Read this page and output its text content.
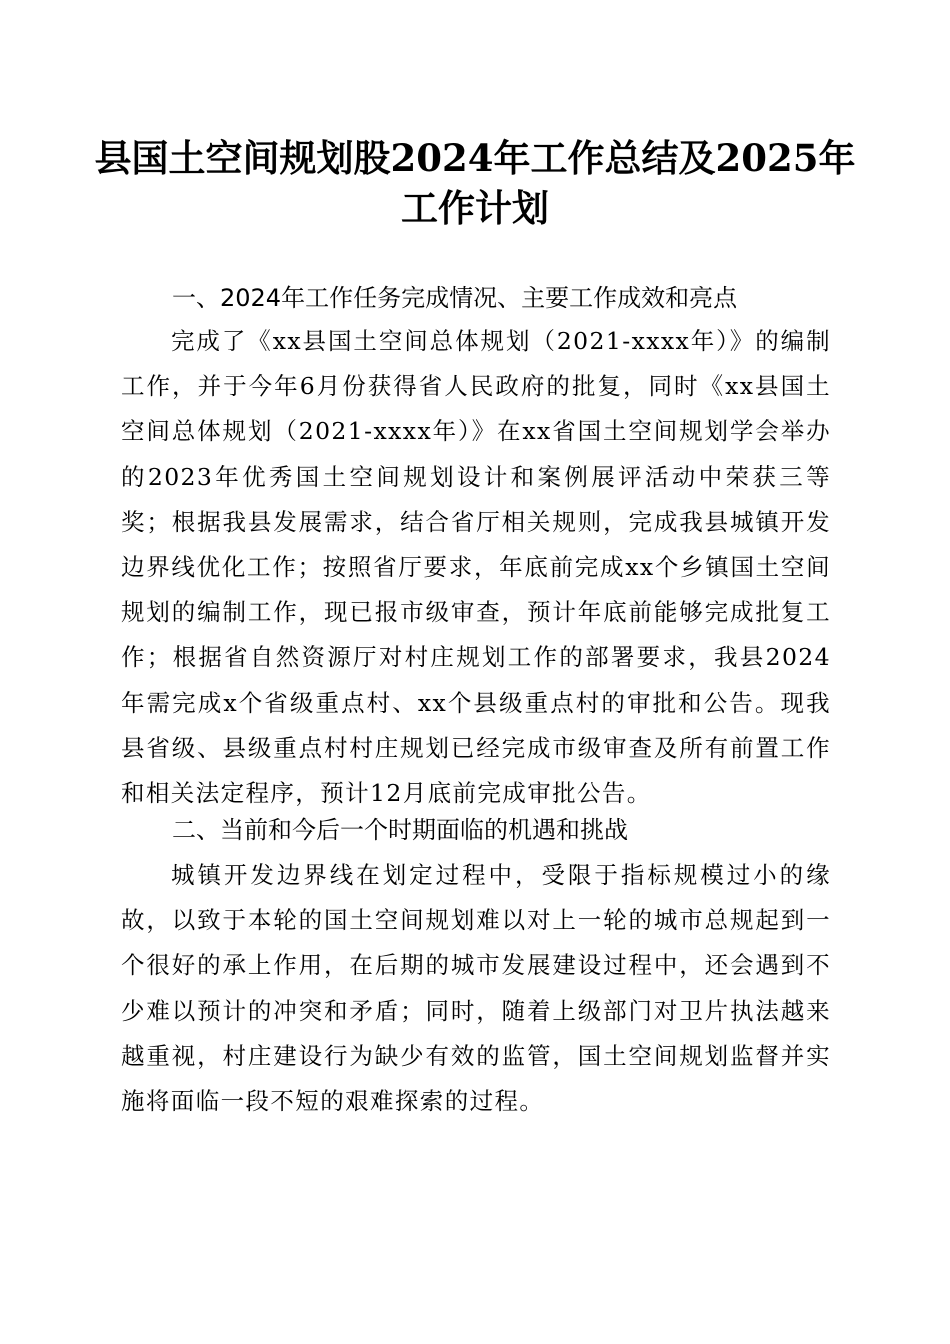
县国土空间规划股2024年工作总结及2025年
工作计划
一、2024年工作任务完成情况、主要工作成效和亮点

完成了《xx县国土空间总体规划（2021-xxxx年）》的编制工作，并于今年6月份获得省人民政府的批复，同时《xx县国土空间总体规划（2021-xxxx年）》在xx省国土空间规划学会举办的2023年优秀国土空间规划设计和案例展评活动中荣获三等奖；根据我县发展需求，结合省厅相关规则，完成我县城镇开发边界线优化工作；按照省厅要求，年底前完成xx个乡镇国土空间规划的编制工作，现已报市级审查，预计年底前能够完成批复工作；根据省自然资源厅对村庄规划工作的部署要求，我县2024年需完成x个省级重点村、xx个县级重点村的审批和公告。现我县省级、县级重点村村庄规划已经完成市级审查及所有前置工作和相关法定程序，预计12月底前完成审批公告。

二、当前和今后一个时期面临的机遇和挑战

城镇开发边界线在划定过程中，受限于指标规模过小的缘故，以致于本轮的国土空间规划难以对上一轮的城市总规起到一个很好的承上作用，在后期的城市发展建设过程中，还会遇到不少难以预计的冲突和矛盾；同时，随着上级部门对卫片执法越来越重视，村庄建设行为缺少有效的监管，国土空间规划监督并实施将面临一段不短的艰难探索的过程。
